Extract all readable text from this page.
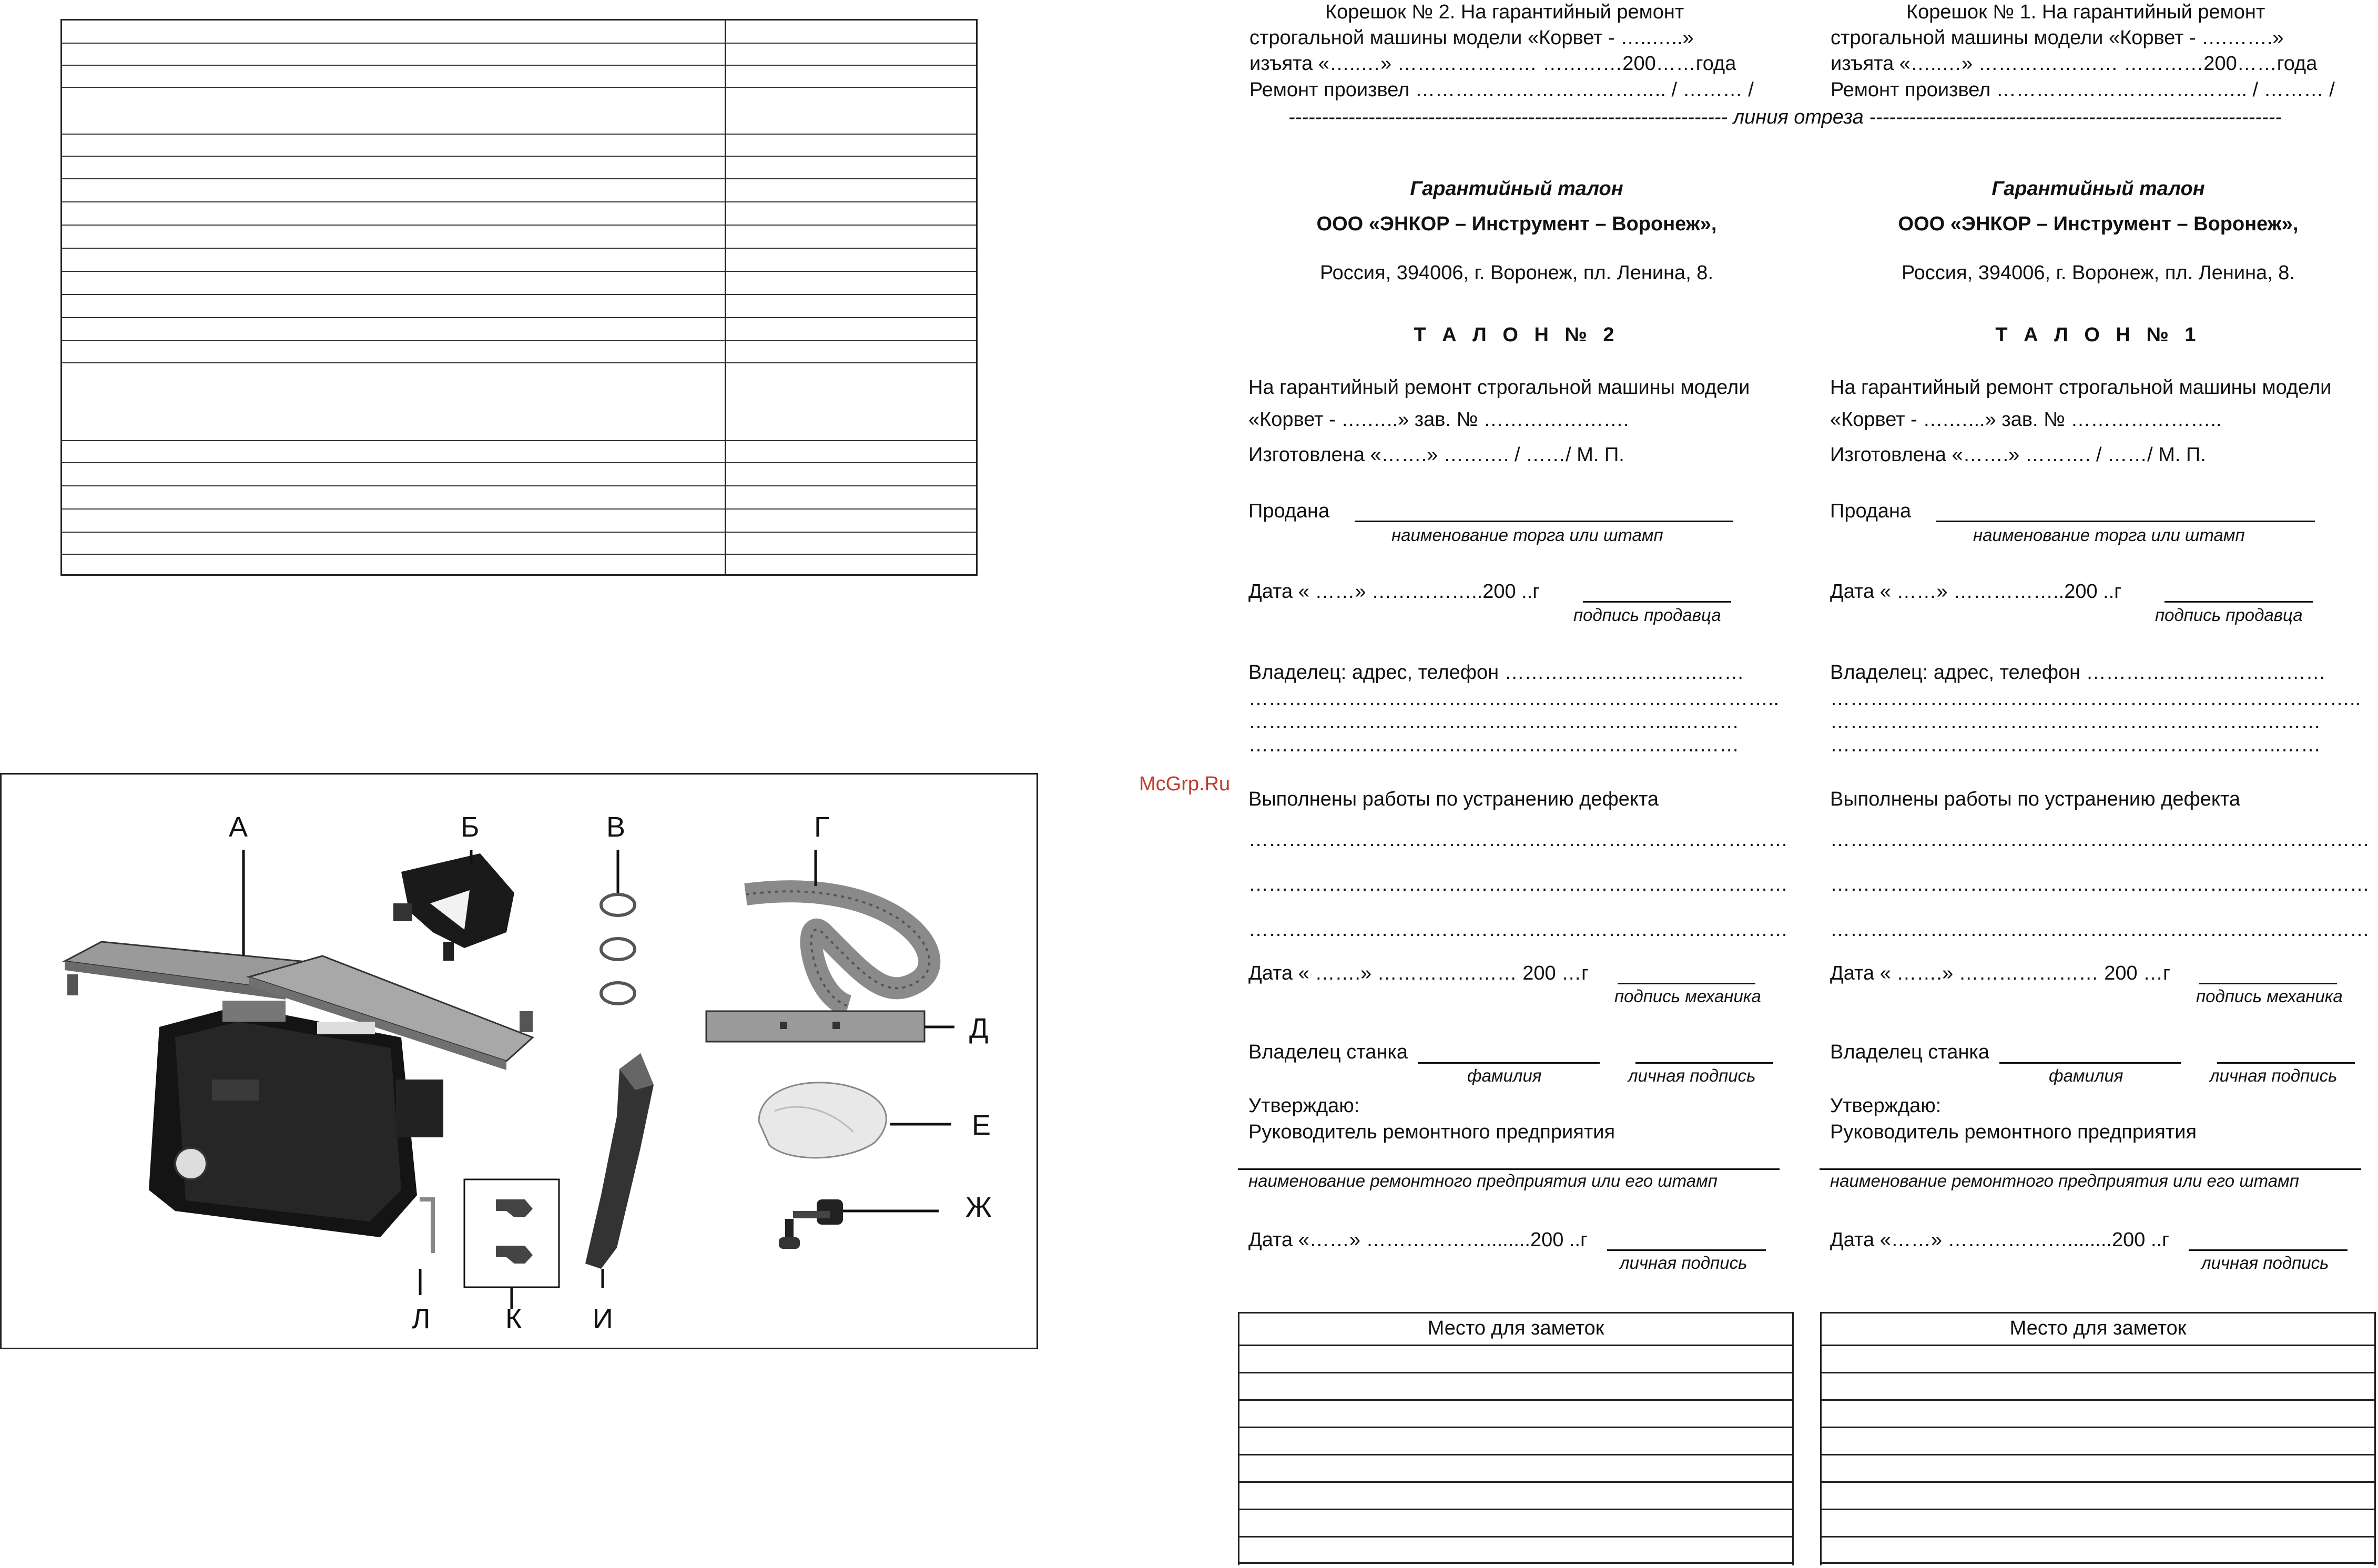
А	Б	В	Г
Д
Е
Ж
И
К
Л
McGrp.Ru
Корешок № 2. На гарантийный ремонт
строгальной машины модели «Корвет - …..…..»
изъята «…..…» ………………… …………200……года
Ремонт произвел ……………………………….. / ……… /
Корешок № 1. На гарантийный ремонт
строгальной машины модели «Корвет - ….…….»
изъята «…..…» ………………… …………200……года
Ремонт произвел ……………………………….. / ……… /
------------------------------------------------------------------ линия отреза --------------------------------------------------------------
Гарантийный талон
ООО «ЭНКОР – Инструмент – Воронеж»,
Россия, 394006, г. Воронеж, пл. Ленина, 8.
Т А Л О Н № 2
На гарантийный ремонт строгальной машины модели
«Корвет - ….…..» зав. № ………………….
Изготовлена «…….» ………. / ……/ М. П.
Продана
наименование торга или штамп
Дата « ……» ……………..200 ..г
подпись продавца
Владелец: адрес, телефон ………………………………
……………………………………………………………………..
………………………………………………………..………
…………………………………………………………..……
Выполнены работы по устранению дефекта
………………………………………………………………………
………………………………………………………………………
………………………………………………………………………
Дата « …….» ………………… 200 …г
подпись механика
Владелец станка
фамилия	личная подпись
Утверждаю:
Руководитель ремонтного предприятия
наименование ремонтного предприятия или его штамп
Дата «……» ………………........200 ..г
личная подпись
Гарантийный талон
ООО «ЭНКОР – Инструмент – Воронеж»,
Россия, 394006, г. Воронеж, пл. Ленина, 8.
Т А Л О Н № 1
На гарантийный ремонт строгальной машины модели
«Корвет - ….…...» зав. № …………………..
Изготовлена «…….» ………. / ……/ М. П.
Продана
наименование торга или штамп
Дата « ……» ……………..200 ..г
подпись продавца
Владелец: адрес, телефон ………………………………
……………………………………………………………………..
………………………………………………………..………
…………………………………………………………..……
Выполнены работы по устранению дефекта
………………………………………………………………………
………………………………………………………………………
………………………………………………………………………
Дата « …….» ………………… 200 …г
подпись механика
Владелец станка
фамилия	личная подпись
Утверждаю:
Руководитель ремонтного предприятия
наименование ремонтного предприятия или его штамп
Дата «……» ………………........200 ..г
личная подпись
Место для заметок	Место для заметок
